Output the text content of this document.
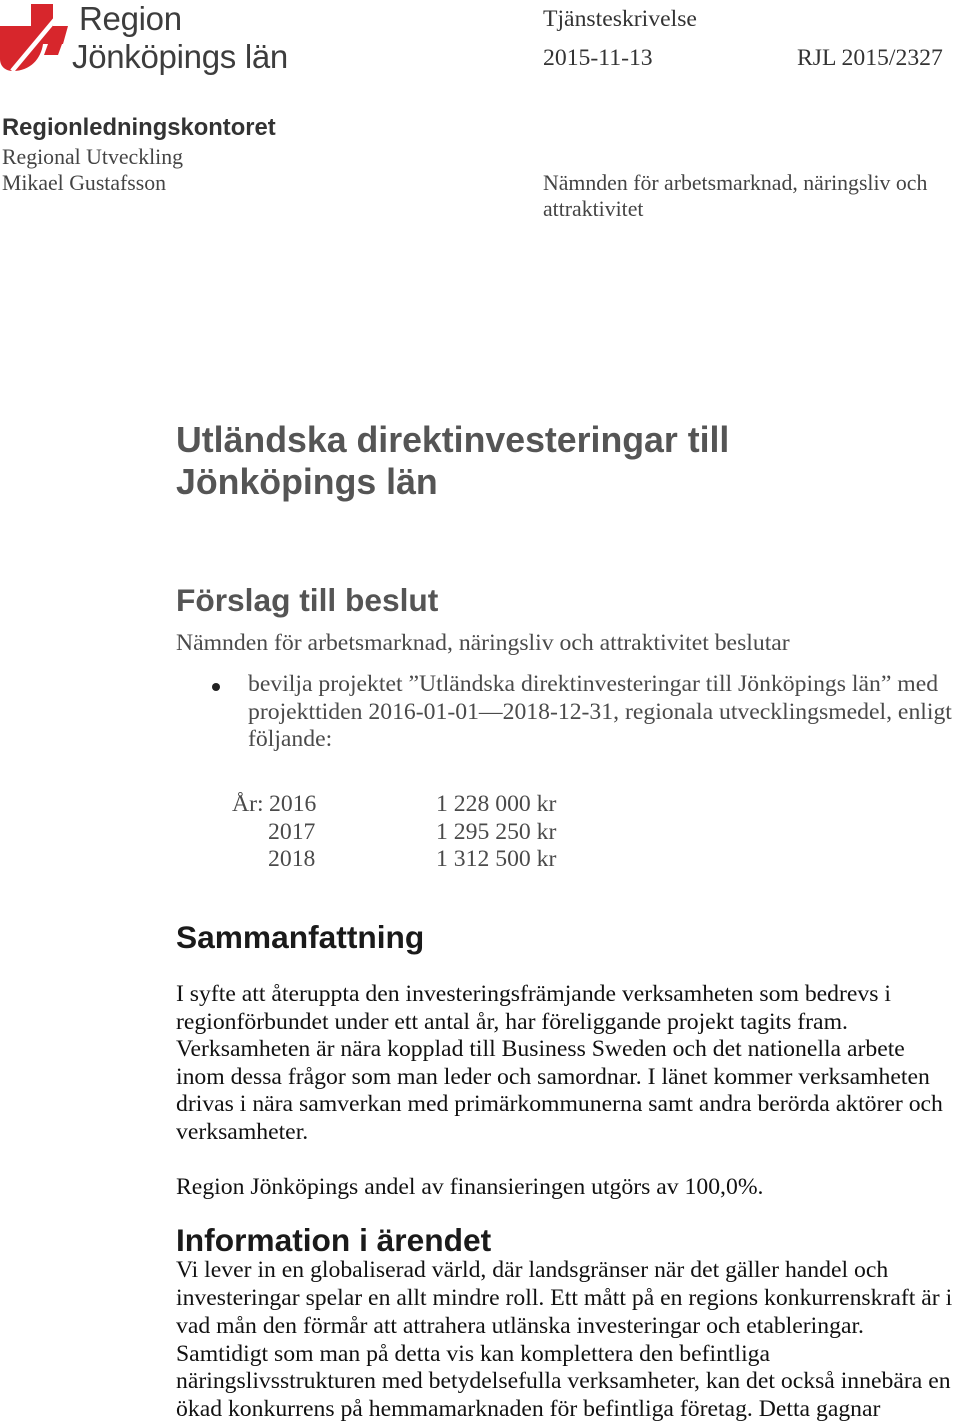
Region
Jönköpings län
Tjänsteskrivelse
2015-11-13	RJL 2015/2327
Regionledningskontoret
Regional Utveckling
Mikael Gustafsson	Nämnden för arbetsmarknad, näringsliv och
attraktivitet
Utländska direktinvesteringar till
Jönköpings län
Förslag till beslut
Nämnden för arbetsmarknad, näringsliv och attraktivitet beslutar
bevilja projektet ”Utländska direktinvesteringar till Jönköpings län” med
projekttiden 2016-01-01—2018-12-31, regionala utvecklingsmedel, enligt
följande:
År: 2016	1 228 000 kr
2017	1 295 250 kr
2018	1 312 500 kr
Sammanfattning
I syfte att återuppta den investeringsfrämjande verksamheten som bedrevs i
regionförbundet under ett antal år, har föreliggande projekt tagits fram.
Verksamheten är nära kopplad till Business Sweden och det nationella arbete
inom dessa frågor som man leder och samordnar. I länet kommer verksamheten
drivas i nära samverkan med primärkommunerna samt andra berörda aktörer och
verksamheter.
Region Jönköpings andel av finansieringen utgörs av 100,0%.
Information i ärendet
Vi lever in en globaliserad värld, där landsgränser när det gäller handel och
investeringar spelar en allt mindre roll. Ett mått på en regions konkurrenskraft är i
vad mån den förmår att attrahera utlänska investeringar och etableringar.
Samtidigt som man på detta vis kan komplettera den befintliga
näringslivsstrukturen med betydelsefulla verksamheter, kan det också innebära en
ökad konkurrens på hemmamarknaden för befintliga företag. Detta gagnar
